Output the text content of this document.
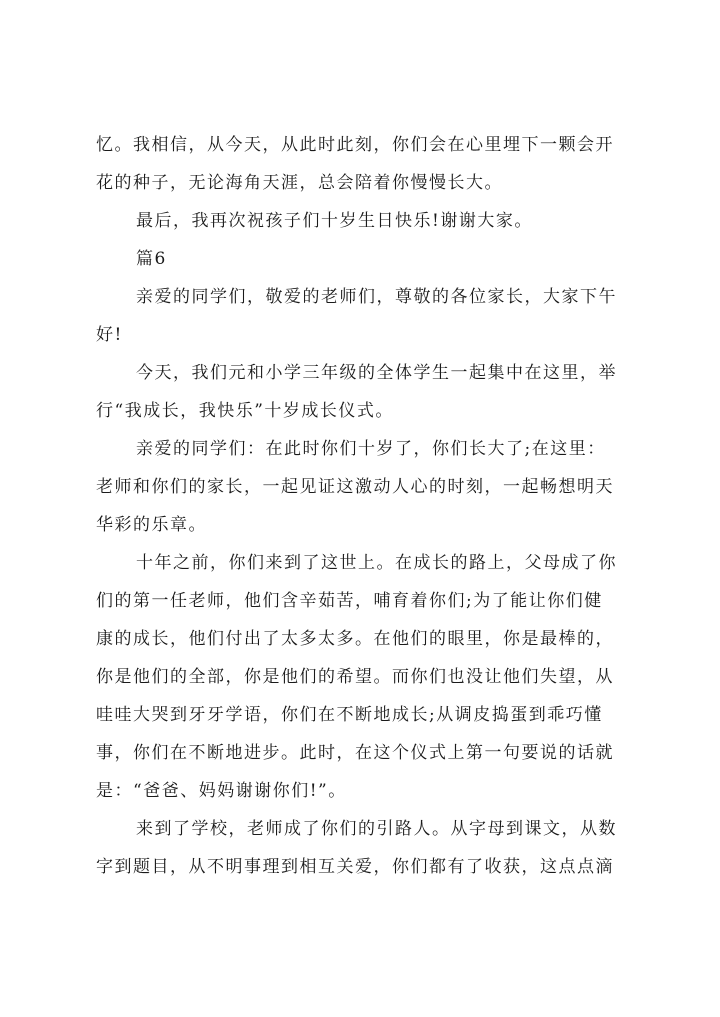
忆。我相信，从今天，从此时此刻，你们会在心里埋下一颗会开
花的种子，无论海角天涯，总会陪着你慢慢长大。
最后，我再次祝孩子们十岁生日快乐!谢谢大家。
篇6
亲爱的同学们，敬爱的老师们，尊敬的各位家长，大家下午
好!
今天，我们元和小学三年级的全体学生一起集中在这里，举
行“我成长，我快乐”十岁成长仪式。
亲爱的同学们：在此时你们十岁了，你们长大了;在这里：
老师和你们的家长，一起见证这激动人心的时刻，一起畅想明天
华彩的乐章。
十年之前，你们来到了这世上。在成长的路上，父母成了你
们的第一任老师，他们含辛茹苦，哺育着你们;为了能让你们健
康的成长，他们付出了太多太多。在他们的眼里，你是最棒的，
你是他们的全部，你是他们的希望。而你们也没让他们失望，从
哇哇大哭到牙牙学语，你们在不断地成长;从调皮捣蛋到乖巧懂
事，你们在不断地进步。此时，在这个仪式上第一句要说的话就
是：“爸爸、妈妈谢谢你们!”。
来到了学校，老师成了你们的引路人。从字母到课文，从数
字到题目，从不明事理到相互关爱，你们都有了收获，这点点滴
